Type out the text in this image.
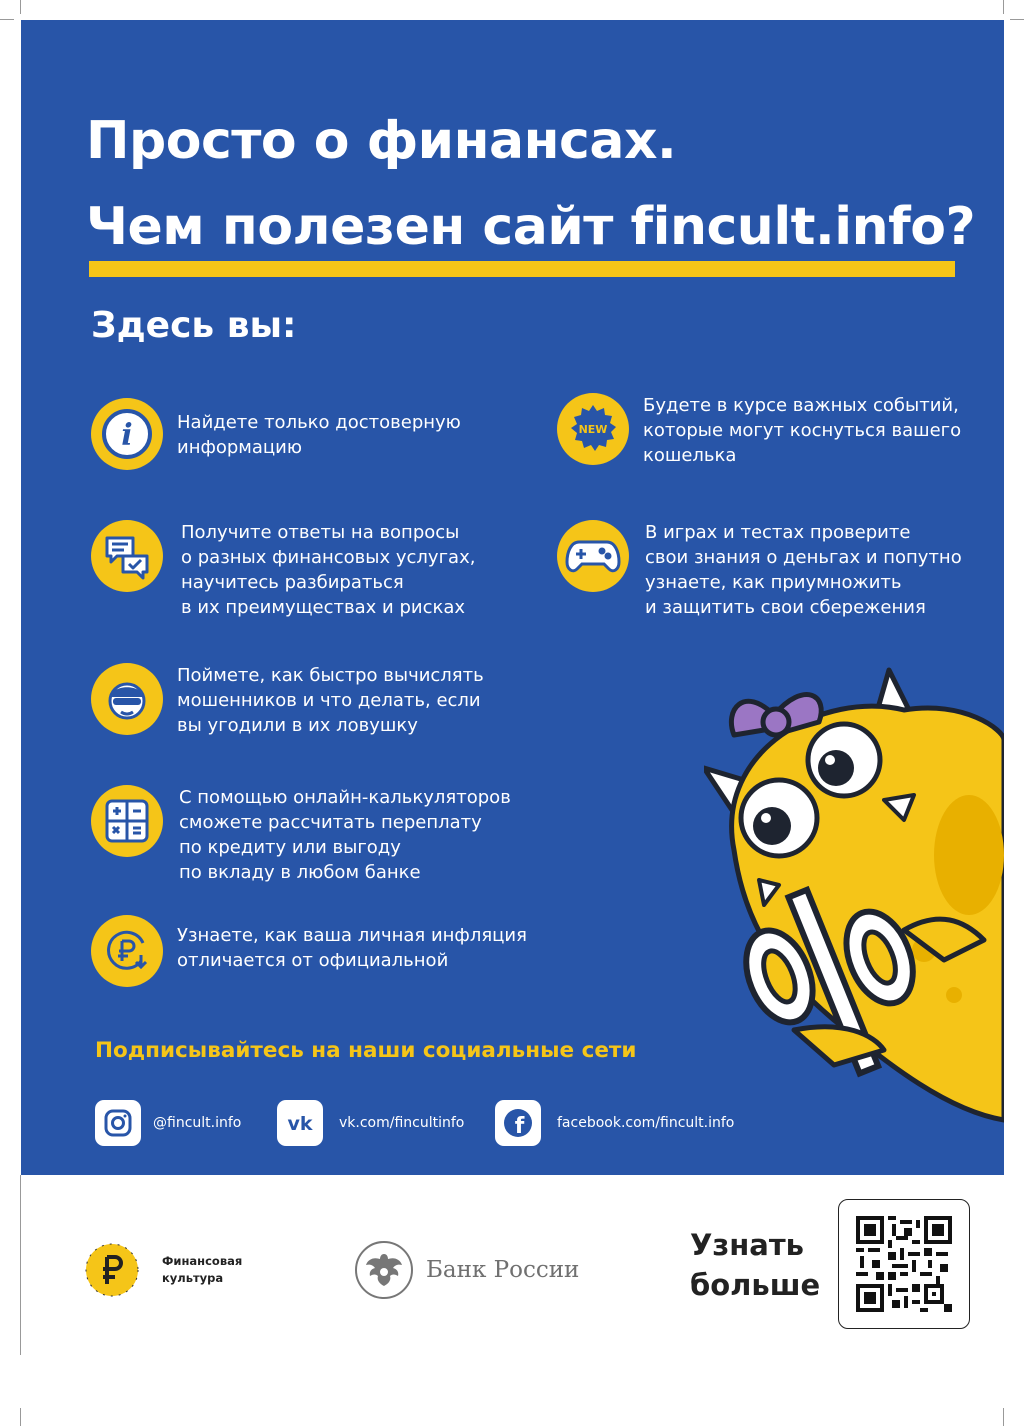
Просто о финансах.
Чем полезен сайт fincult.info?
Здесь вы:
i Найдете только достоверную
информацию
Получите ответы на вопросы
о разных финансовых услугах,
научитесь разбираться
в их преимуществах и рисках
Поймете, как быстро вычислять
мошенников и что делать, если
вы угодили в их ловушку
С помощью онлайн-калькуляторов
сможете рассчитать переплату
по кредиту или выгоду
по вкладу в любом банке
Узнаете, как ваша личная инфляция
отличается от официальной
NEW
Будете в курсе важных событий,
которые могут коснуться вашего
кошелька
В играх и тестах проверите
свои знания о деньгах и попутно
узнаете, как приумножить
и защитить свои сбережения
Подписывайтесь на наши социальные сети
@fincult.info vk vk.com/fincultinfo f facebook.com/fincult.info
Финансовая
культура	Банк России
Узнать
больше
